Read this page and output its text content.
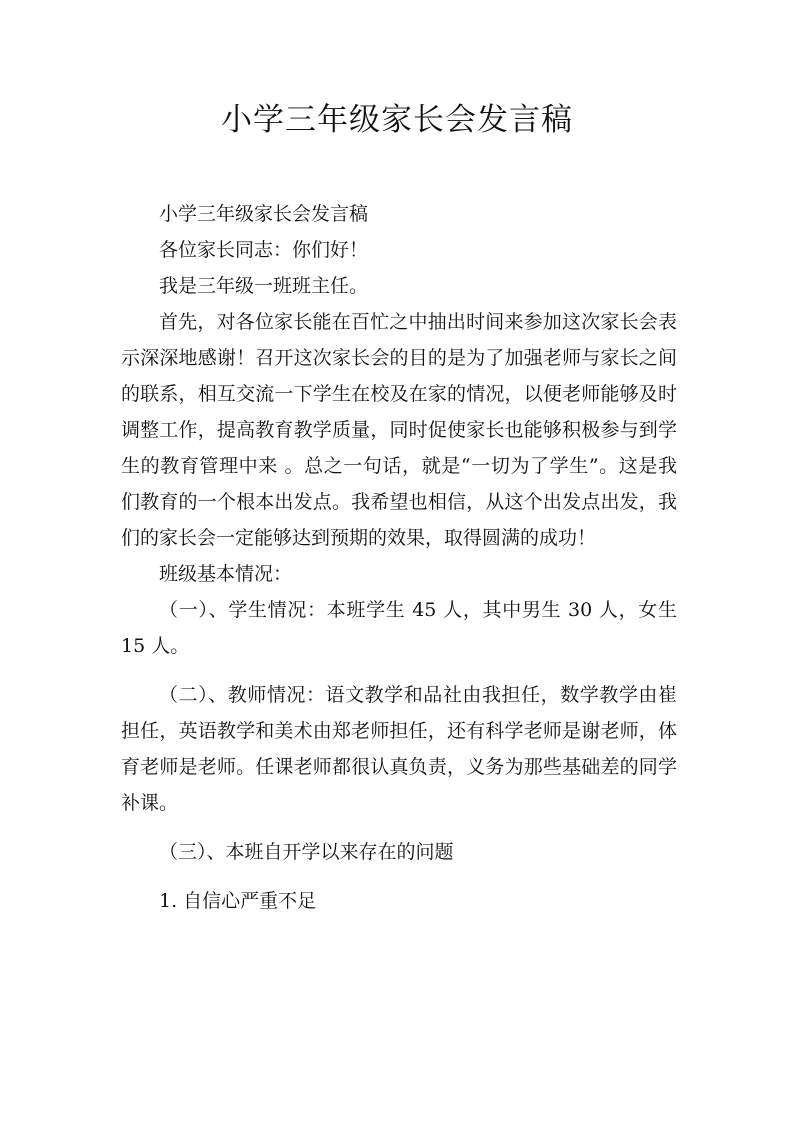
小学三年级家长会发言稿

小学三年级家长会发言稿

各位家长同志：你们好！

我是三年级一班班主任。

首先，对各位家长能在百忙之中抽出时间来参加这次家长会表示深深地感谢！召开这次家长会的目的是为了加强老师与家长之间的联系，相互交流一下学生在校及在家的情况，以便老师能够及时调整工作，提高教育教学质量，同时促使家长也能够积极参与到学生的教育管理中来 。总之一句话，就是“一切为了学生”。这是我们教育的一个根本出发点。我希望也相信，从这个出发点出发，我们的家长会一定能够达到预期的效果，取得圆满的成功！

班级基本情况：

（一）、学生情况：本班学生 45 人，其中男生 30 人，女生 15 人。

（二）、教师情况：语文教学和品社由我担任，数学教学由崔担任，英语教学和美术由郑老师担任，还有科学老师是谢老师，体育老师是老师。任课老师都很认真负责，义务为那些基础差的同学补课。

（三）、本班自开学以来存在的问题

1. 自信心严重不足
